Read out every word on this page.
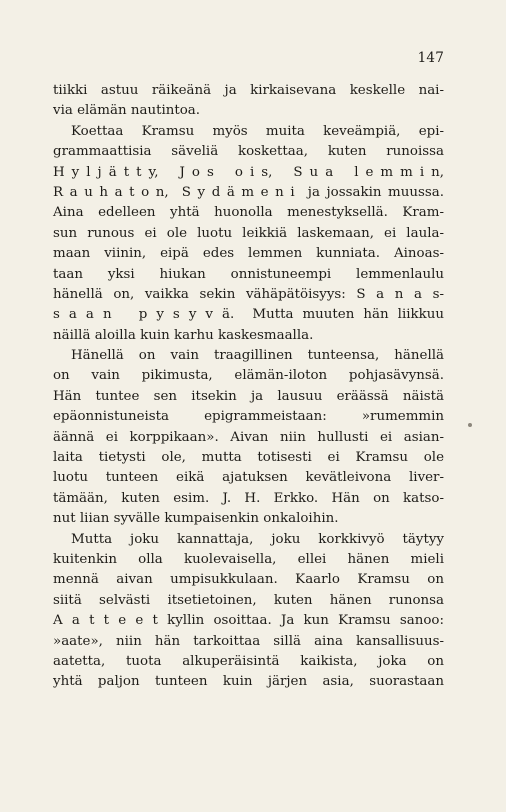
147
tiikki astuu räikeänä ja kirkaisevana keskelle nai-
via elämän nautintoa.
Koettaa Kramsu myös muita keveämpiä, epi-
grammaattisia säveliä koskettaa, kuten runoissa
H y l j ä t t y,   J o s   o i s,   S u a   l e m m i n,
R a u h a t o n,  S y d ä m e n i  ja jossakin muussa.
Aina edelleen yhtä huonolla menestyksellä. Kram-
sun runous ei ole luotu leikkiä laskemaan, ei laula-
maan viinin, eipä edes lemmen kunniata. Ainoas-
taan yksi hiukan onnistuneempi lemmenlaulu
hänellä on, vaikka sekin vähäpätöisyys: S a n a s-
s a a n   p y s y v ä.  Mutta muuten hän liikkuu
näillä aloilla kuin karhu kaskesmaalla.
Hänellä on vain traagillinen tunteensa, hänellä
on vain pikimusta, elämän-iloton pohjasävynsä.
Hän tuntee sen itsekin ja lausuu eräässä näistä
epäonnistuneista epigrammeistaan: »rumemmin
äännä ei korppikaan». Aivan niin hullusti ei asian-
laita tietysti ole, mutta totisesti ei Kramsu ole
luotu tunteen eikä ajatuksen kevätleivona liver-
tämään, kuten esim. J. H. Erkko. Hän on katso-
nut liian syvälle kumpaisenkin onkaloihin.
Mutta joku kannattaja, joku korkkivyö täytyy
kuitenkin olla kuolevaisella, ellei hänen mieli
mennä aivan umpisukkulaan. Kaarlo Kramsu on
siitä selvästi itsetietoinen, kuten hänen runonsa
A a t t e e t kyllin osoittaa. Ja kun Kramsu sanoo:
»aate», niin hän tarkoittaa sillä aina kansallisuus-
aatetta, tuota alkuperäisintä kaikista, joka on
yhtä paljon tunteen kuin järjen asia, suorastaan
